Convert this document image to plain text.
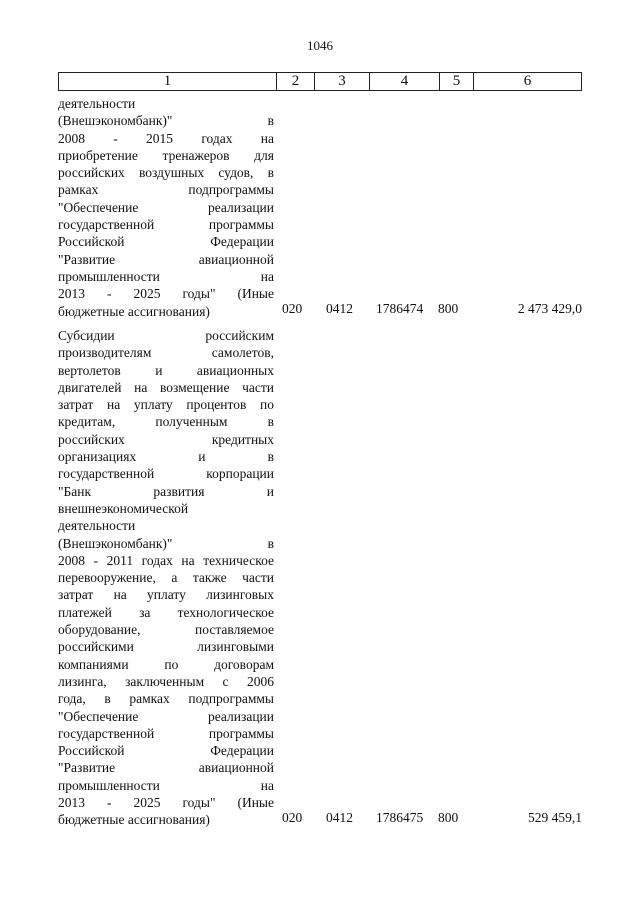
1046
1	2	3	4	5	6
деятельности
(Внешэкономбанк)" в
2008 - 2015 годах на
приобретение тренажеров для
российских воздушных судов, в
рамках подпрограммы
"Обеспечение реализации
государственной программы
Российской Федерации
"Развитие авиационной
промышленности на
2013 - 2025 годы" (Иные
бюджетные ассигнования)	020 0412 1786474 800	2 473 429,0
Субсидии российским
производителям самолетов,
вертолетов и авиационных
двигателей на возмещение части
затрат на уплату процентов по
кредитам, полученным в
российских кредитных
организациях и в
государственной корпорации
"Банк развития и
внешнеэкономической
деятельности
(Внешэкономбанк)" в
2008 - 2011 годах на техническое
перевооружение, а также части
затрат на уплату лизинговых
платежей за технологическое
оборудование, поставляемое
российскими лизинговыми
компаниями по договорам
лизинга, заключенным с 2006
года, в рамках подпрограммы
"Обеспечение реализации
государственной программы
Российской Федерации
"Развитие авиационной
промышленности на
2013 - 2025 годы" (Иные
бюджетные ассигнования)	020 0412 1786475 800	529 459,1
